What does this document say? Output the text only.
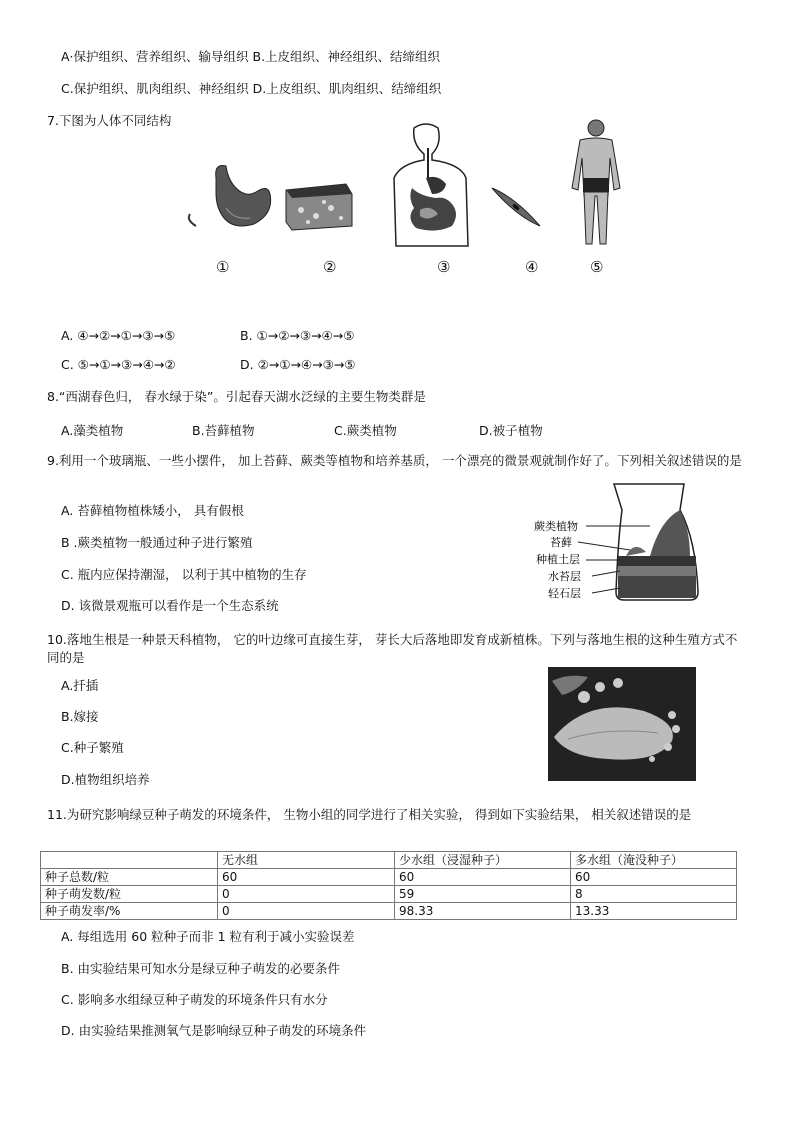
A·保护组织、营养组织、输导组织 B.上皮组织、神经组织、结缔组织
C.保护组织、肌肉组织、神经组织 D.上皮组织、肌肉组织、结缔组织
7.下图为人体不同结构
①	②	③	④	⑤
A. ④→②→①→③→⑤	B. ①→②→③→④→⑤
C. ⑤→①→③→④→②	D. ②→①→④→③→⑤
8.“西湖春色归， 春水绿于染”。引起春天湖水泛绿的主要生物类群是
A.藻类植物	B.苔藓植物	C.蕨类植物	D.被子植物
9.利用一个玻璃瓶、一些小摆件， 加上苔藓、蕨类等植物和培养基质， 一个漂亮的微景观就制作好了。下列相关叙述错误的是
A. 苔藓植物植株矮小， 具有假根
B .蕨类植物一般通过种子进行繁殖
C. 瓶内应保持潮湿， 以利于其中植物的生存
D. 该微景观瓶可以看作是一个生态系统
蕨类植物
苔藓
种植土层
水苔层
轻石层
10.落地生根是一种景天科植物， 它的叶边缘可直接生芽， 芽长大后落地即发育成新植株。下列与落地生根的这种生殖方式不同的是
A.扦插
B.嫁接
C.种子繁殖
D.植物组织培养
11.为研究影响绿豆种子萌发的环境条件， 生物小组的同学进行了相关实验， 得到如下实验结果， 相关叙述错误的是
	无水组	少水组（浸湿种子）	多水组（淹没种子）
种子总数/粒	60	60	60
种子萌发数/粒	0	59	8
种子萌发率/%	0	98.33	13.33
A. 每组选用 60 粒种子而非 1 粒有利于减小实验误差
B. 由实验结果可知水分是绿豆种子萌发的必要条件
C. 影响多水组绿豆种子萌发的环境条件只有水分
D. 由实验结果推测氧气是影响绿豆种子萌发的环境条件
